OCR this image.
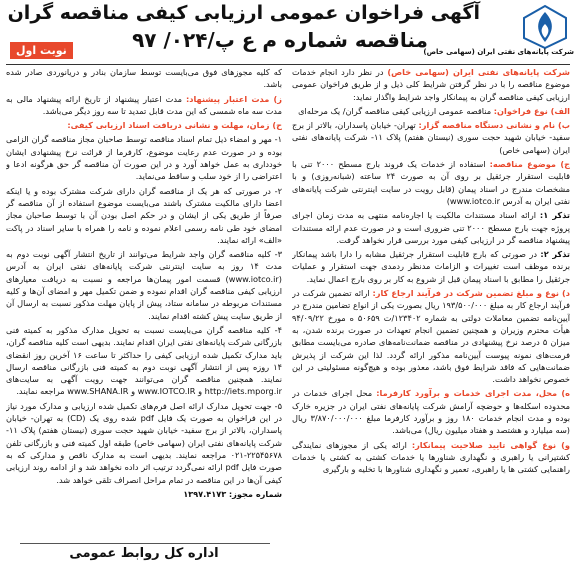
شرکت پایانه‌های نفتی ایران (سهامی خاص)
آگهی فراخوان عمومی ارزیابی کیفی مناقصه گران
مناقصه شماره م ع پ/۰۲۴/ ۹۷
نوبت اول

شرکت پایانه‌های نفتی ایران (سهامی خاص) در نظر دارد انجام خدمات موضوع مناقصه را با در نظر گرفتن شرایط کلی ذیل و از طریق فراخوان عمومی ارزیابی کیفی مناقصه گران به پیمانکار واجد شرایط واگذار نماید:

الف) نوع فراخوان: مناقصه عمومی ارزیابی کیفی مناقصه گران/ یک مرحله‌ای

ب) نام و نشانی دستگاه مناقصه گزار: تهران- خیابان پاسداران، بالاتر از برج سفید- خیابان شهید حجت سوری (نیستان هفتم) پلاک ۱۱- شرکت پایانه‌های نفتی ایران (سهامی خاص)

ج) موضوع مناقصه: استفاده از خدمات یک فروند بارج مسطح ۲۰۰۰ تنی با قابلیت استقرار جرثقیل بر روی آن به صورت ۲۴ ساعته (شبانه‌روزی) و با مشخصات مندرج در اسناد پیمان (قابل رویت در سایت اینترنتی شرکت پایانه‌های نفتی ایران به آدرس www.iotco.ir)

تذکر ۱: ارائه اسناد مستندات مالکیت یا اجاره‌نامه منتهی به مدت زمان اجرای پروژه جهت بارج مسطح ۲۰۰۰ تنی ضروری است و در صورت عدم ارائه مستندات پیشنهاد مناقصه گر در ارزیابی کیفی مورد بررسی قرار نخواهد گرفت.

تذکر ۲: در صورتی که بارج قابلیت استقرار جرثقیل مشابه را دارا باشد پیمانکار برنده موظف است تغییرات و الزامات مدنظر ردمدی جهت استقرار و عملیات جرثقیل را مطابق با اسناد پیمان قبل از شروع به کار بر روی بارج اعمال نماید.

د) نوع و مبلغ تضمین شرکت در فرآیند ارجاع کار: ارائه تضمین شرکت در فرآیند ارجاع کار به مبلغ ۱۹۳/۵۰۰/۰۰۰ ریال بصورت یکی از انواع تضامین مندرج در آیین‌نامه تضمین معاملات دولتی به شماره ۱۲۳۴۰۲/ت ۵۰۶۵۹ ه مورخ ۹۴/۰۹/۲۲ هیأت محترم وزیران و همچنین تضمین انجام تعهدات در صورت برنده شدن، به میزان ۵ درصد نرخ پیشنهادی در مناقصه ضمانت‌نامه‌های صادره می‌بایست مطابق فرمت‌های نمونه پیوست آیین‌نامه مذکور ارائه گردد. لذا این شرکت از پذیرش ضمانت‌هایی که فاقد شرایط فوق باشد، معذور بوده و هیچ‌گونه مسئولیتی در این خصوص نخواهد داشت.

ه) محل، مدت اجرای خدمات و برآورد کارفرما: محل اجرای خدمات در محدوده اسکله‌ها و حوضچه آرامش شرکت پایانه‌های نفتی ایران در جزیره خارک بوده و مدت انجام خدمات ۱۸۰ روز و برآورد کارفرما مبلغ ۳/۸۷۰/۰۰۰/۰۰۰ ریال (سه میلیارد و هشتصد و هفتاد میلیون ریال) می‌باشد.

و) نوع گواهی تایید صلاحیت پیمانکار: ارائه یکی از مجوزهای نمایندگی کشتیرانی یا راهبری و نگهداری شناورها یا خدمات کشتی به کشتی یا خدمات راهنمایی کشتی ها یا راهبری، تعمیر و نگهداری شناورها با تخلیه و بارگیری

که کلیه مجوزهای فوق می‌بایست توسط سازمان بنادر و دریانوردی صادر شده باشد.

ز) مدت اعتبار پیشنهاد: مدت اعتبار پیشنهاد از تاریخ ارائه پیشنهاد مالی به مدت سه ماه شمسی که این مدت قابل تمدید تا سه روز دیگر می‌باشد.

ح) زمان، مهلت و نشانی دریافت اسناد ارزیابی کیفی:

۱- مهر و امضاء ذیل تمام اسناد مناقصه توسط صاحبان مجاز مناقصه گران الزامی بوده و در صورت عدم رعایت موضوع، کارفرما از قرائت نرخ پیشنهادی ایشان خودداری به عمل خواهد آورد و در این صورت آن مناقصه گر حق هرگونه ادعا و اعتراضی را از خود سلب و ساقط می‌نماید.

۲- در صورتی که هر یک از مناقصه گران دارای شرکت مشترک بوده و یا اینکه اعضا دارای مالکیت مشترک باشند می‌بایست موضوع استفاده از آن مناقصه گر صرفاً از طریق یکی از ایشان و در حکم اصل بودن آن با توسط صاحبان مجاز امضای خود طی نامه رسمی اعلام نموده و نامه را همراه با سایر اسناد در پاکت «الف» ارائه نمایند.

۳- کلیه مناقصه گران واجد شرایط می‌توانند از تاریخ انتشار آگهی نوبت دوم به مدت ۱۴ روز به سایت اینترنتی شرکت پایانه‌های نفتی ایران به آدرس (www.iotco.ir) قسمت امور پیمان‌ها مراجعه و نسبت به دریافت معیارهای ارزیابی کیفی مناقصه گران اقدام نموده و ضمن تکمیل مهر و امضای آن‌ها و کلیه مستندات مربوطه در سامانه ستاد، پیش از پایان مهلت مذکور نسبت به ارسال آن از طریق سایت پیش کشته اقدام نمایند.

۴- کلیه مناقصه گران می‌بایست نسبت به تحویل مدارک مذکور به کمیته فنی بازرگانی شرکت پایانه‌های نفتی ایران اقدام نمایند. بدیهی است کلیه مناقصه گران، باید مدارک تکمیل شده ارزیابی کیفی را حداکثر تا ساعت ۱۶ آخرین روز انقضای ۱۴ روزه پس از انتشار آگهی نوبت دوم به کمیته فنی بازرگانی مناقصه ارسال نمایند. همچنین مناقصه گران می‌توانند جهت رویت آگهی به سایت‌های http://iets.mporg.ir و www.IOTCO.IR و www.SHANA.IR مراجعه نمایند.

۵- جهت تحویل مدارک ارائه اصل فرم‌های تکمیل شده ارزیابی و مدارک مورد نیاز در این فراخوان به صورت یک فایل pdf شده روی یک (CD) به تهران- خیابان پاسداران، بالاتر از برج سفید- خیابان شهید حجت سوری (نیستان هفتم) پلاک ۱۱- شرکت پایانه‌های نفتی ایران (سهامی خاص) طبقه اول کمیته فنی و بازرگانی تلفن ۲۲۵۴۵۶۷۸-۰۲۱ مراجعه نمایند. بدیهی است به مدارک ناقص و مدارکی که به صورت فایل pdf ارائه نمی‌گردد ترتیب اثر داده نخواهد شد و از ادامه روند ارزیابی کیفی آن‌ها در این مناقصه در تمام مراحل انصراف تلقی خواهد شد.

شماره مجوز: ۱۳۹۷.۴۱۷۳

اداره کل روابط عمومی
